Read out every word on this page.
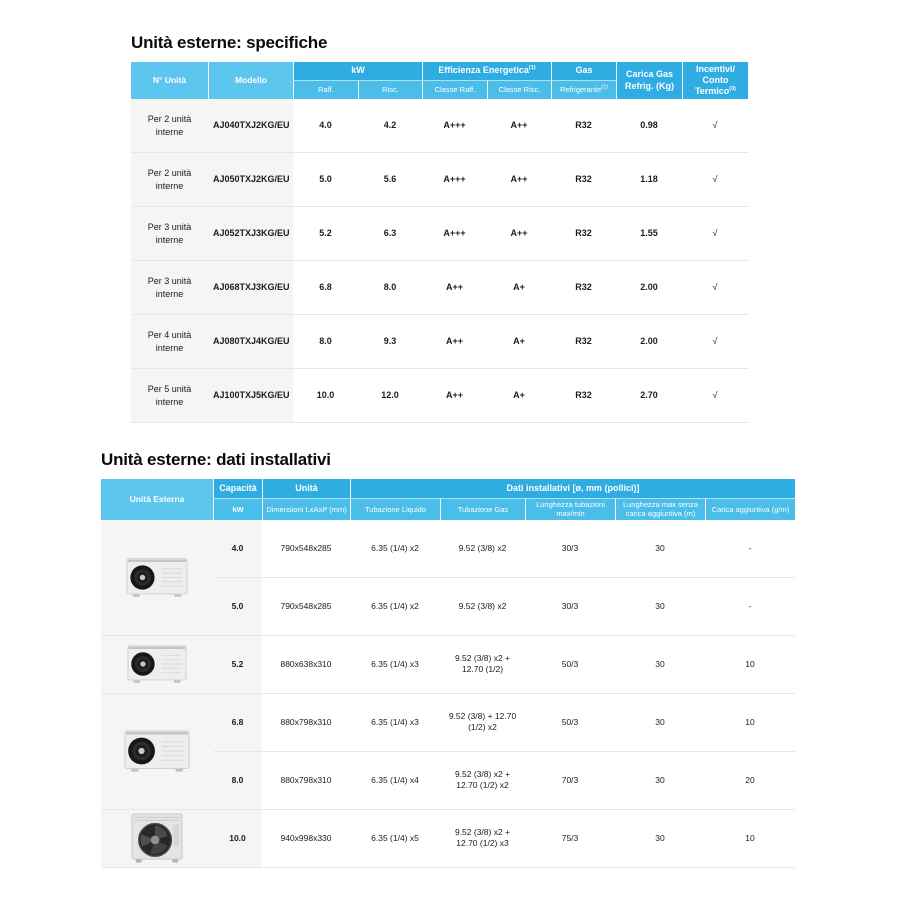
Unità esterne: specifiche
N° Unità	Modello	kW		Efficienza Energetica$^{(1)}$		Gas	Carica Gas Refrig. (Kg)	Incentivi/ Conto Termico$^{(3)}$
		Raff.	Risc.	Classe Raff.	Classe Risc.	Refrigerante$^{(2)}$
Per 2 unità interne	AJ040TXJ2KG/EU	4.0	4.2	A+++	A++	R32	0.98	√
Per 2 unità interne	AJ050TXJ2KG/EU	5.0	5.6	A+++	A++	R32	1.18	√
Per 3 unità interne	AJ052TXJ3KG/EU	5.2	6.3	A+++	A++	R32	1.55	√
Per 3 unità interne	AJ068TXJ3KG/EU	6.8	8.0	A++	A+	R32	2.00	√
Per 4 unità interne	AJ080TXJ4KG/EU	8.0	9.3	A++	A+	R32	2.00	√
Per 5 unità interne	AJ100TXJ5KG/EU	10.0	12.0	A++	A+	R32	2.70	√
Unità esterne: dati installativi
Unità Esterna	Capacità	Unità	Dati installativi [ø, mm (pollici)]				
	kW	Dimensioni LxAxP (mm)	Tubazione Liquido	Tubazione Gas	Lunghezza tubazioni max/min	Lunghezza max senza carica aggiuntiva (m)	Carica aggiuntiva (g/m)

	4.0	790x548x285	6.35 (1/4) x2	9.52 (3/8) x2	30/3	30	-
	5.0	790x548x285	6.35 (1/4) x2	9.52 (3/8) x2	30/3	30	-

	5.2	880x638x310	6.35 (1/4) x3	9.52 (3/8) x2 + 12.70 (1/2)	50/3	30	10

	6.8	880x798x310	6.35 (1/4) x3	9.52 (3/8) + 12.70 (1/2) x2	50/3	30	10
	8.0	880x798x310	6.35 (1/4) x4	9.52 (3/8) x2 + 12.70 (1/2) x2	70/3	30	20

	10.0	940x998x330	6.35 (1/4) x5	9.52 (3/8) x2 + 12.70 (1/2) x3	75/3	30	10
